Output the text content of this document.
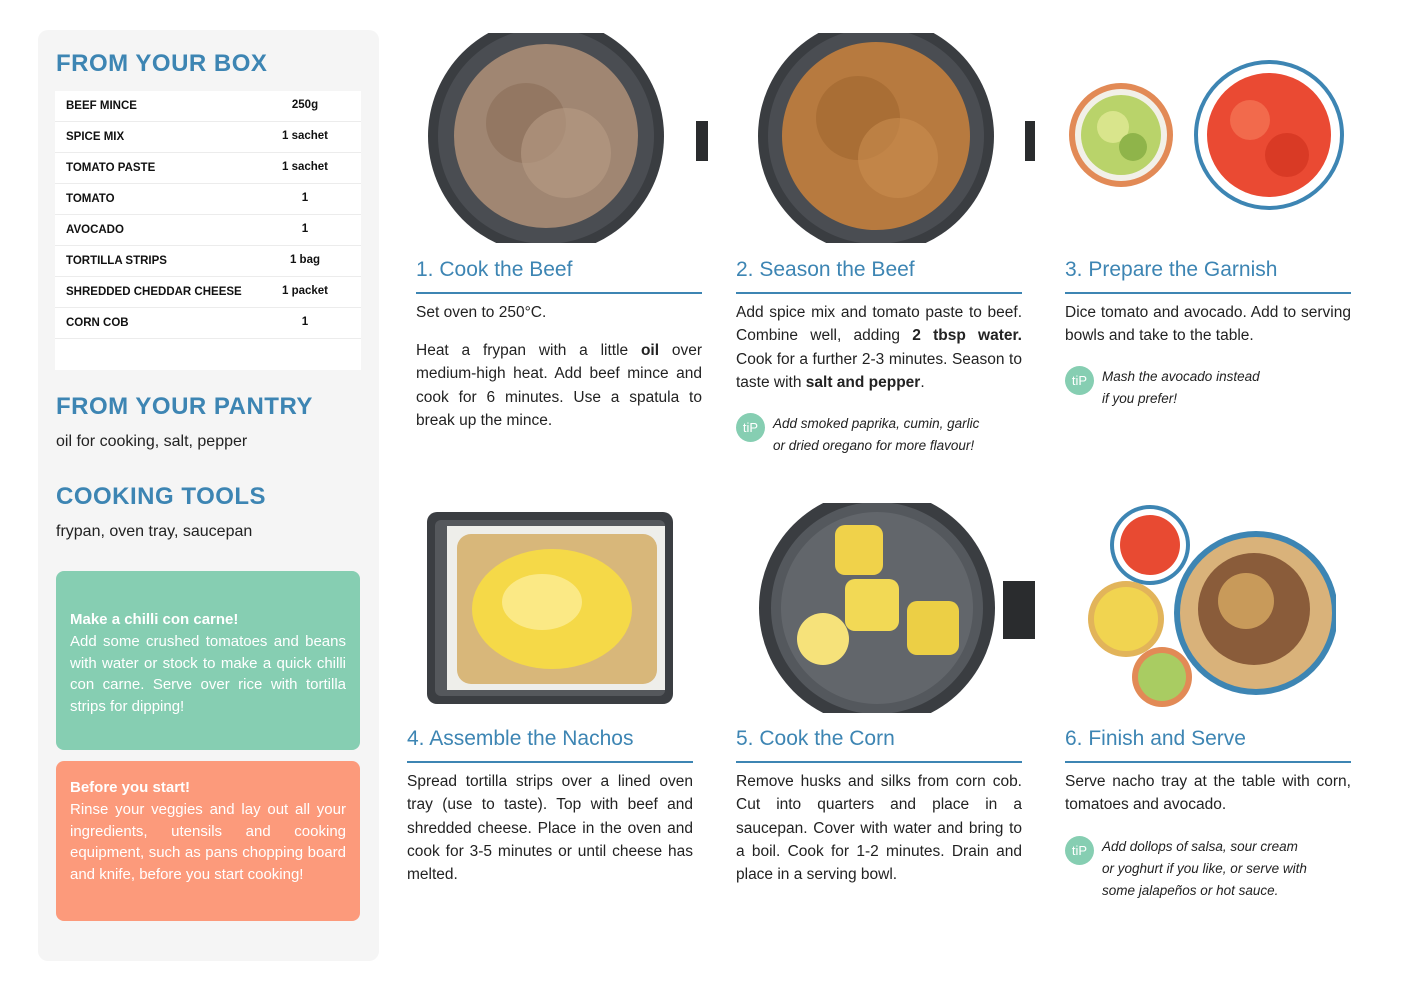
FROM YOUR BOX
BEEF MINCE	250g
SPICE MIX	1 sachet
TOMATO PASTE	1 sachet
TOMATO	1
AVOCADO	1
TORTILLA STRIPS	1 bag
SHREDDED CHEDDAR CHEESE	1 packet
CORN COB	1
FROM YOUR PANTRY
oil for cooking, salt, pepper
COOKING TOOLS
frypan, oven tray, saucepan
Make a chilli con carne!
Add some crushed tomatoes and beans with water or stock to make a quick chilli con carne. Serve over rice with tortilla strips for dipping!
Before you start!
Rinse your veggies and lay out all your ingredients, utensils and cooking equipment, such as pans chopping board and knife, before you start cooking!
1. Cook the Beef
Set oven to 250°C.
Heat a frypan with a little oil over medium-high heat. Add beef mince and cook for 6 minutes. Use a spatula to break up the mince.
2. Season the Beef
Add spice mix and tomato paste to beef. Combine well, adding 2 tbsp water. Cook for a further 2-3 minutes. Season to taste with salt and pepper.
tiP	Add smoked paprika, cumin, garlic
or dried oregano for more flavour!
3. Prepare the Garnish
Dice tomato and avocado. Add to serving bowls and take to the table.
tiP	Mash the avocado instead
if you prefer!
4. Assemble the Nachos
Spread tortilla strips over a lined oven tray (use to taste). Top with beef and shredded cheese. Place in the oven and cook for 3-5 minutes or until cheese has melted.
5. Cook the Corn
Remove husks and silks from corn cob. Cut into quarters and place in a saucepan. Cover with water and bring to a boil. Cook for 1-2 minutes. Drain and place in a serving bowl.
6. Finish and Serve
Serve nacho tray at the table with corn, tomatoes and avocado.
tiP	Add dollops of salsa, sour cream
or yoghurt if you like, or serve with
some jalapeños or hot sauce.
